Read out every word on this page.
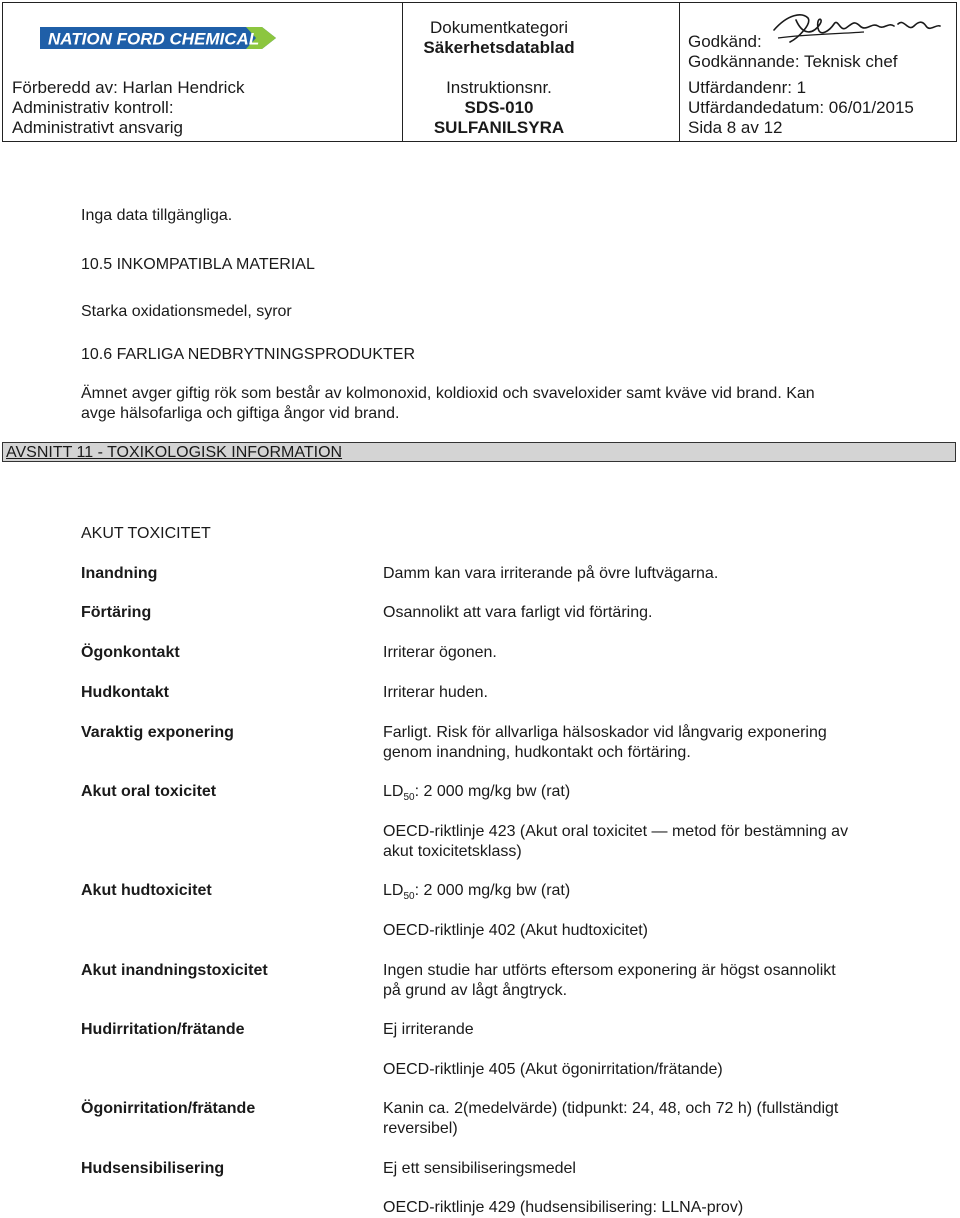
NATION FORD CHEMICAL
Förberedd av: Harlan Hendrick
Administrativ kontroll:
Administrativt ansvarig
Dokumentkategori
Säkerhetsdatablad
Instruktionsnr.
SDS-010
SULFANILSYRA
Godkänd:
Godkännande: Teknisk chef
Utfärdandenr: 1
Utfärdandedatum: 06/01/2015
Sida 8 av 12
Inga data tillgängliga.
10.5 INKOMPATIBLA MATERIAL
Starka oxidationsmedel, syror
10.6 FARLIGA NEDBRYTNINGSPRODUKTER
Ämnet avger giftig rök som består av kolmonoxid, koldioxid och svaveloxider samt kväve vid brand. Kan
avge hälsofarliga och giftiga ångor vid brand.
AVSNITT 11 - TOXIKOLOGISK INFORMATION
AKUT TOXICITET
Inandning	Damm kan vara irriterande på övre luftvägarna.
Förtäring	Osannolikt att vara farligt vid förtäring.
Ögonkontakt	Irriterar ögonen.
Hudkontakt	Irriterar huden.
Varaktig exponering	Farligt. Risk för allvarliga hälsoskador vid långvarig exponering
genom inandning, hudkontakt och förtäring.
Akut oral toxicitet	$LD_{50}$: 2 000 mg/kg bw (rat)
OECD-riktlinje 423 (Akut oral toxicitet — metod för bestämning av
akut toxicitetsklass)
Akut hudtoxicitet	$LD_{50}$: 2 000 mg/kg bw (rat)
OECD-riktlinje 402 (Akut hudtoxicitet)
Akut inandningstoxicitet	Ingen studie har utförts eftersom exponering är högst osannolikt
på grund av lågt ångtryck.
Hudirritation/frätande	Ej irriterande
OECD-riktlinje 405 (Akut ögonirritation/frätande)
Ögonirritation/frätande	Kanin ca. 2(medelvärde) (tidpunkt: 24, 48, och 72 h) (fullständigt
reversibel)
Hudsensibilisering	Ej ett sensibiliseringsmedel
OECD-riktlinje 429 (hudsensibilisering: LLNA-prov)
